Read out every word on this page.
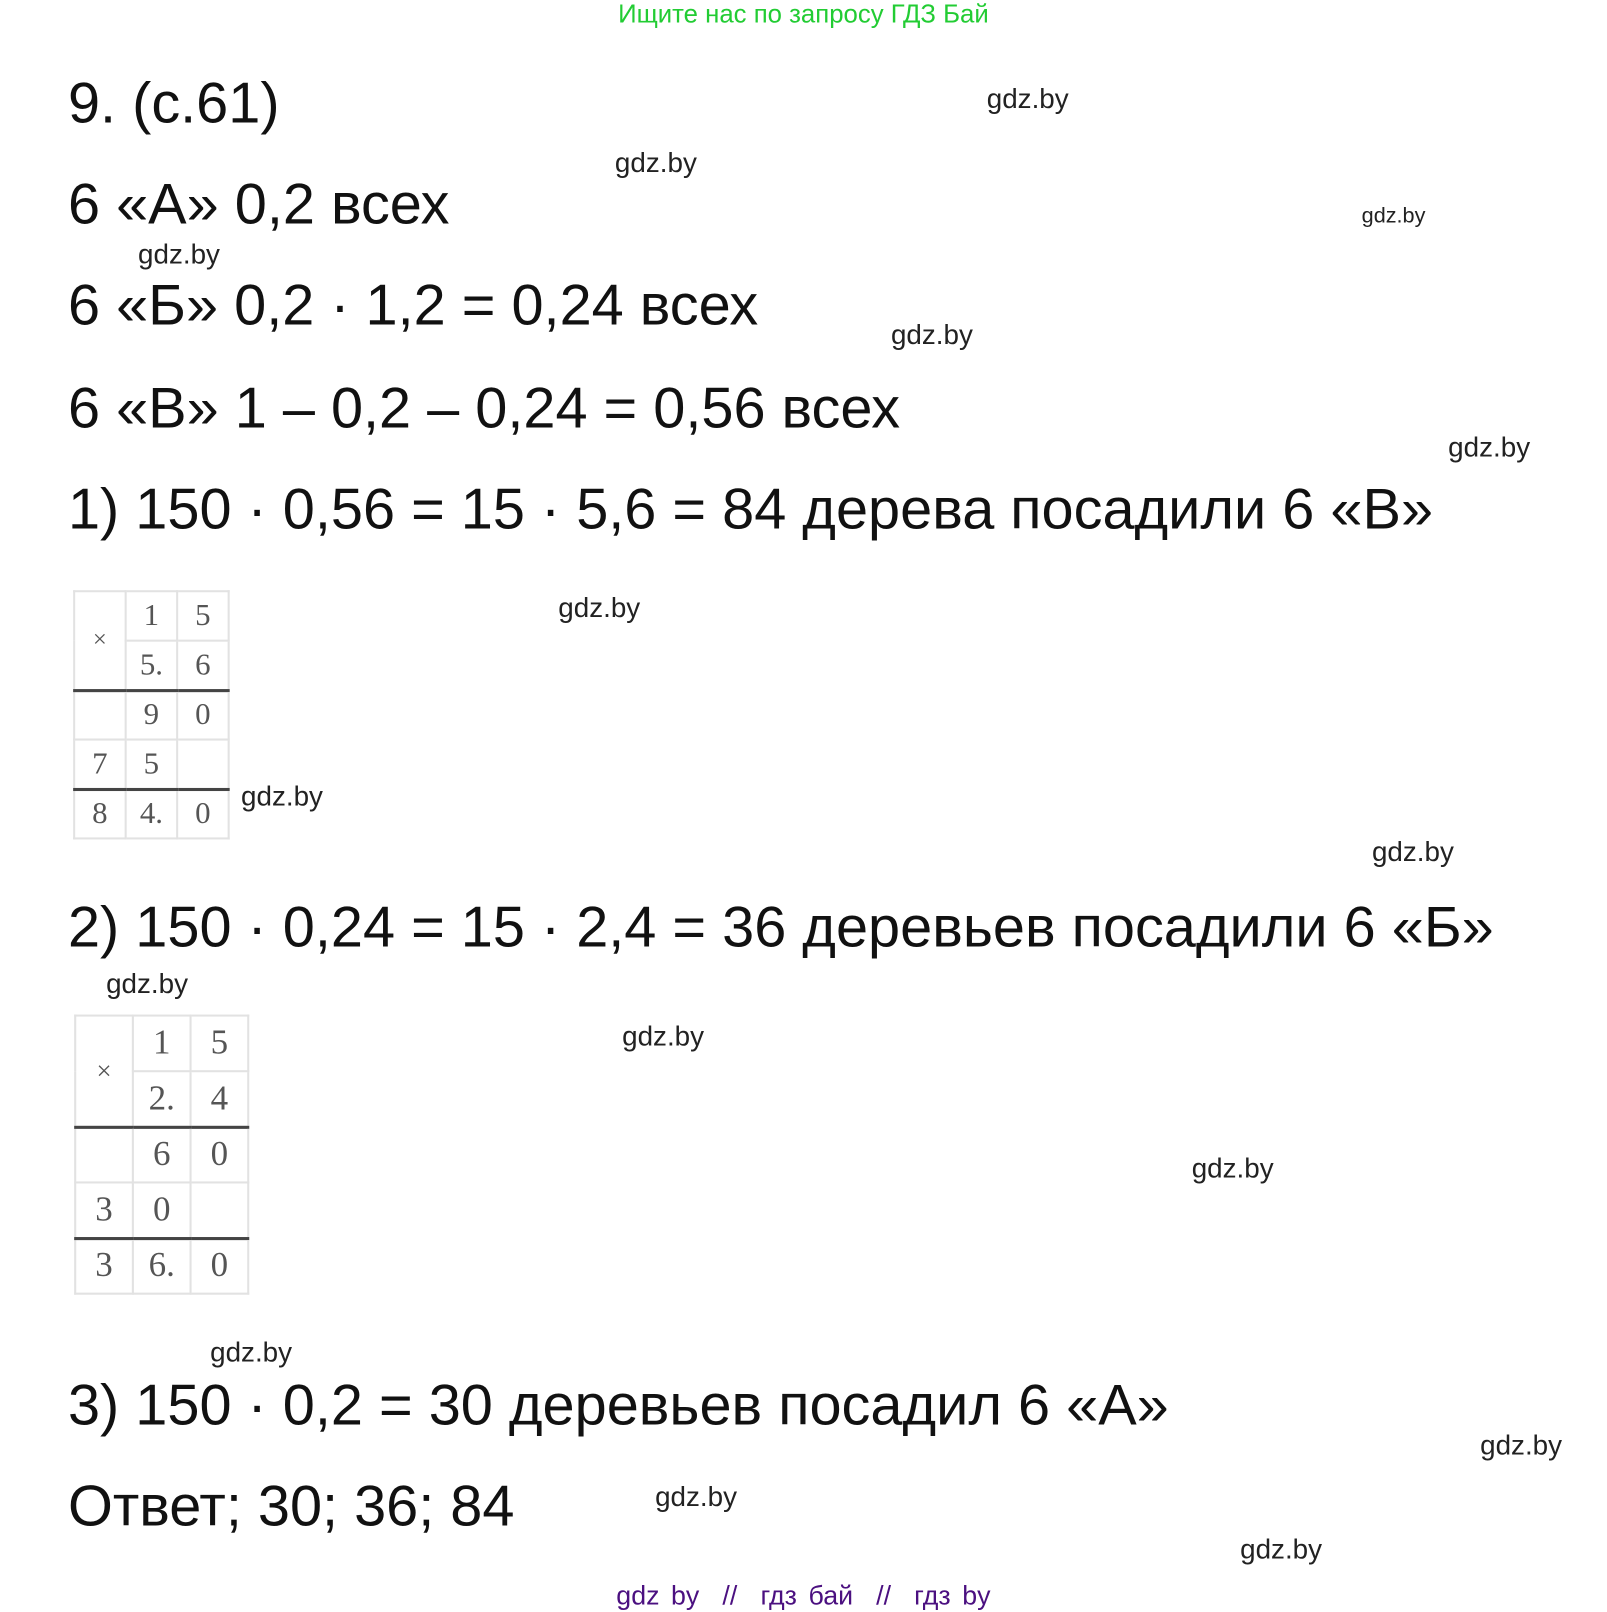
Ищите нас по запросу ГДЗ Бай
9. (с.61)
6 «А» 0,2 всех
6 «Б» 0,2 · 1,2 = 0,24 всех
6 «В» 1 – 0,2 – 0,24 = 0,56 всех
1) 150 · 0,56 = 15 · 5,6 = 84 дерева посадили 6 «В»
2) 150 · 0,24 = 15 · 2,4 = 36 деревьев посадили 6 «Б»
3) 150 · 0,2 = 30 деревьев посадил 6 «А»
Ответ; 30; 36; 84
×	1	5
	5.	6
	9	0
7	5	
8	4.	0
×	1	5
	2.	4
	6	0
3	0	
3	6.	0
gdz.by
gdz.by
gdz.by
gdz.by
gdz.by
gdz.by
gdz.by
gdz.by
gdz.by
gdz.by
gdz.by
gdz.by
gdz.by
gdz.by
gdz.by
gdz.by
gdz by  //  гдз бай  //  гдз by
